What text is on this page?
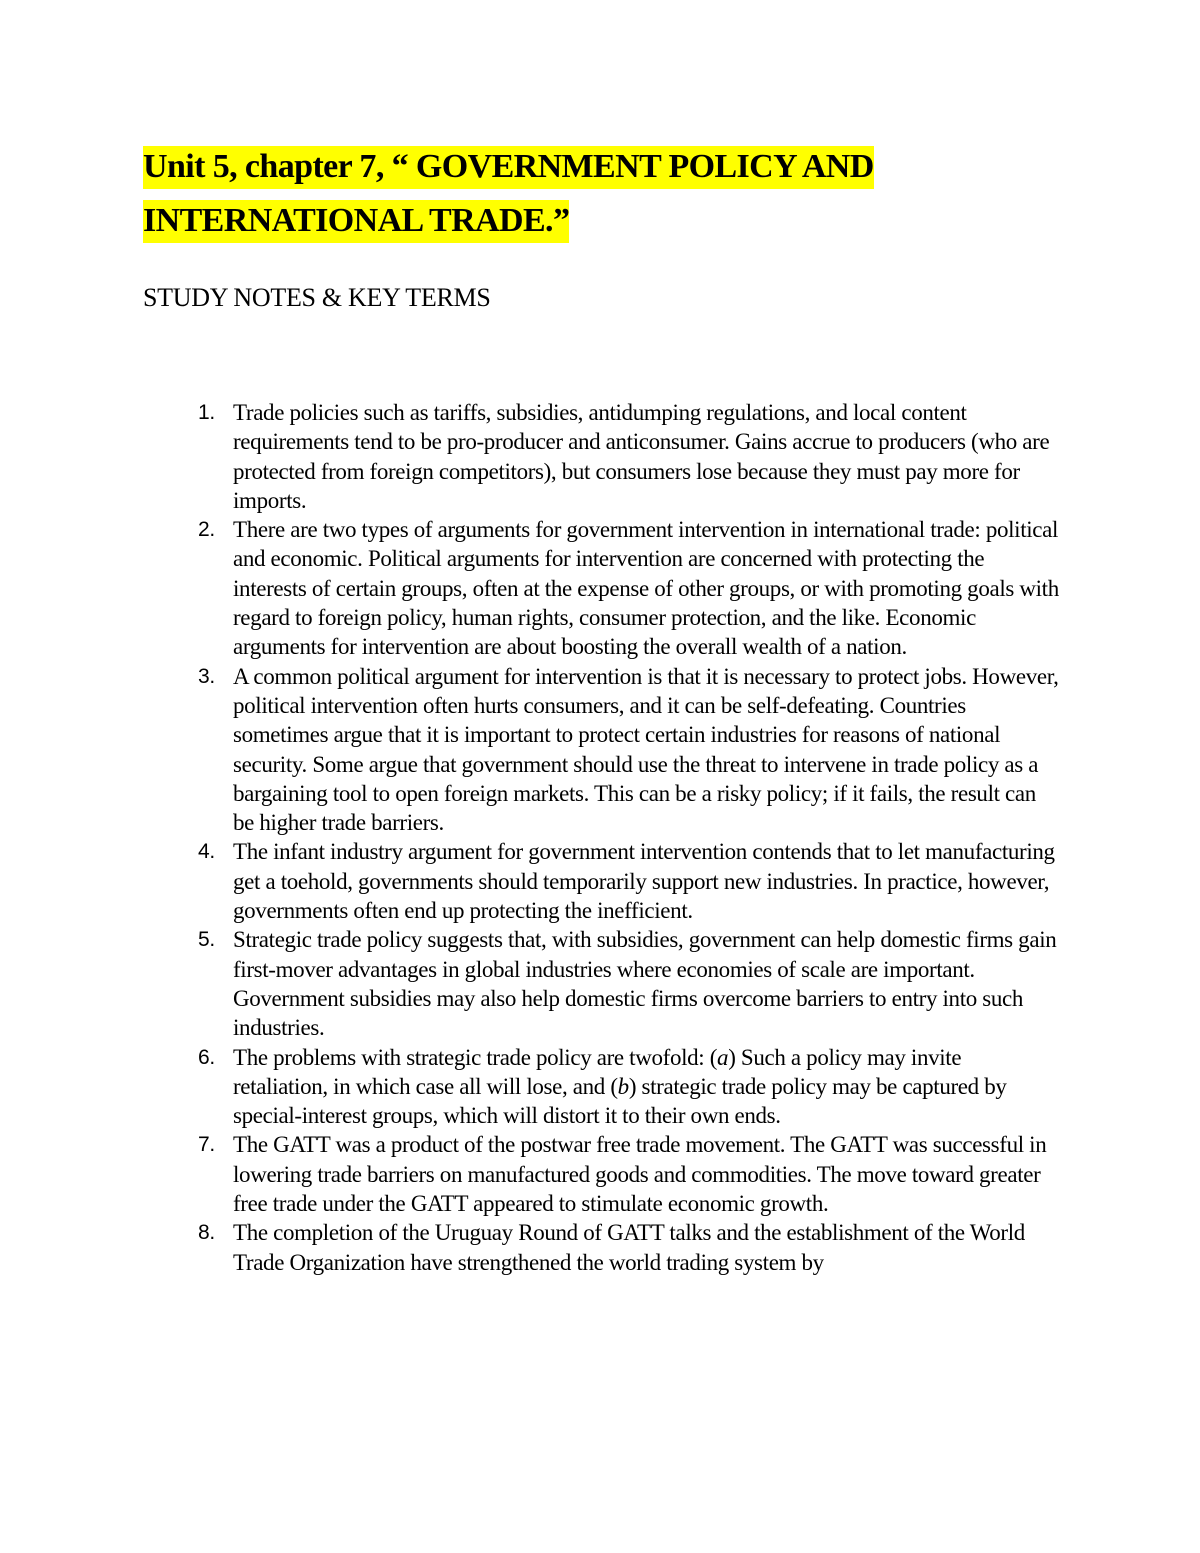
Unit 5, chapter 7, “ GOVERNMENT POLICY AND INTERNATIONAL TRADE.”
STUDY NOTES & KEY TERMS
1. Trade policies such as tariffs, subsidies, antidumping regulations, and local content requirements tend to be pro-producer and anticonsumer. Gains accrue to producers (who are protected from foreign competitors), but consumers lose because they must pay more for imports.
2. There are two types of arguments for government intervention in international trade: political and economic. Political arguments for intervention are concerned with protecting the interests of certain groups, often at the expense of other groups, or with promoting goals with regard to foreign policy, human rights, consumer protection, and the like. Economic arguments for intervention are about boosting the overall wealth of a nation.
3. A common political argument for intervention is that it is necessary to protect jobs. However, political intervention often hurts consumers, and it can be self-defeating. Countries sometimes argue that it is important to protect certain industries for reasons of national security. Some argue that government should use the threat to intervene in trade policy as a bargaining tool to open foreign markets. This can be a risky policy; if it fails, the result can be higher trade barriers.
4. The infant industry argument for government intervention contends that to let manufacturing get a toehold, governments should temporarily support new industries. In practice, however, governments often end up protecting the inefficient.
5. Strategic trade policy suggests that, with subsidies, government can help domestic firms gain first-mover advantages in global industries where economies of scale are important. Government subsidies may also help domestic firms overcome barriers to entry into such industries.
6. The problems with strategic trade policy are twofold: (a) Such a policy may invite retaliation, in which case all will lose, and (b) strategic trade policy may be captured by special-interest groups, which will distort it to their own ends.
7. The GATT was a product of the postwar free trade movement. The GATT was successful in lowering trade barriers on manufactured goods and commodities. The move toward greater free trade under the GATT appeared to stimulate economic growth.
8. The completion of the Uruguay Round of GATT talks and the establishment of the World Trade Organization have strengthened the world trading system by
